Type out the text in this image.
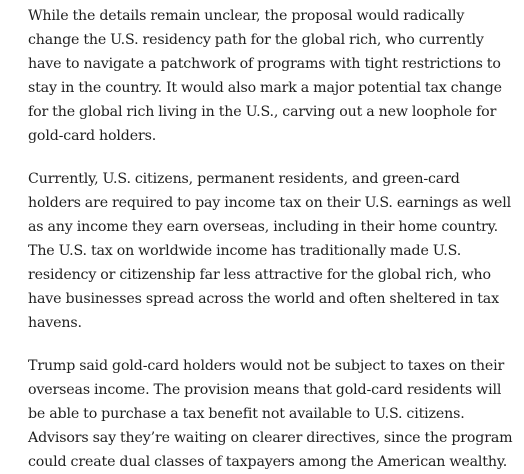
While the details remain unclear, the proposal would radically change the U.S. residency path for the global rich, who currently have to navigate a patchwork of programs with tight restrictions to stay in the country. It would also mark a major potential tax change for the global rich living in the U.S., carving out a new loophole for gold-card holders.

Currently, U.S. citizens, permanent residents, and green-card holders are required to pay income tax on their U.S. earnings as well as any income they earn overseas, including in their home country. The U.S. tax on worldwide income has traditionally made U.S. residency or citizenship far less attractive for the global rich, who have businesses spread across the world and often sheltered in tax havens.

Trump said gold-card holders would not be subject to taxes on their overseas income. The provision means that gold-card residents will be able to purchase a tax benefit not available to U.S. citizens. Advisors say they’re waiting on clearer directives, since the program could create dual classes of taxpayers among the American wealthy.
